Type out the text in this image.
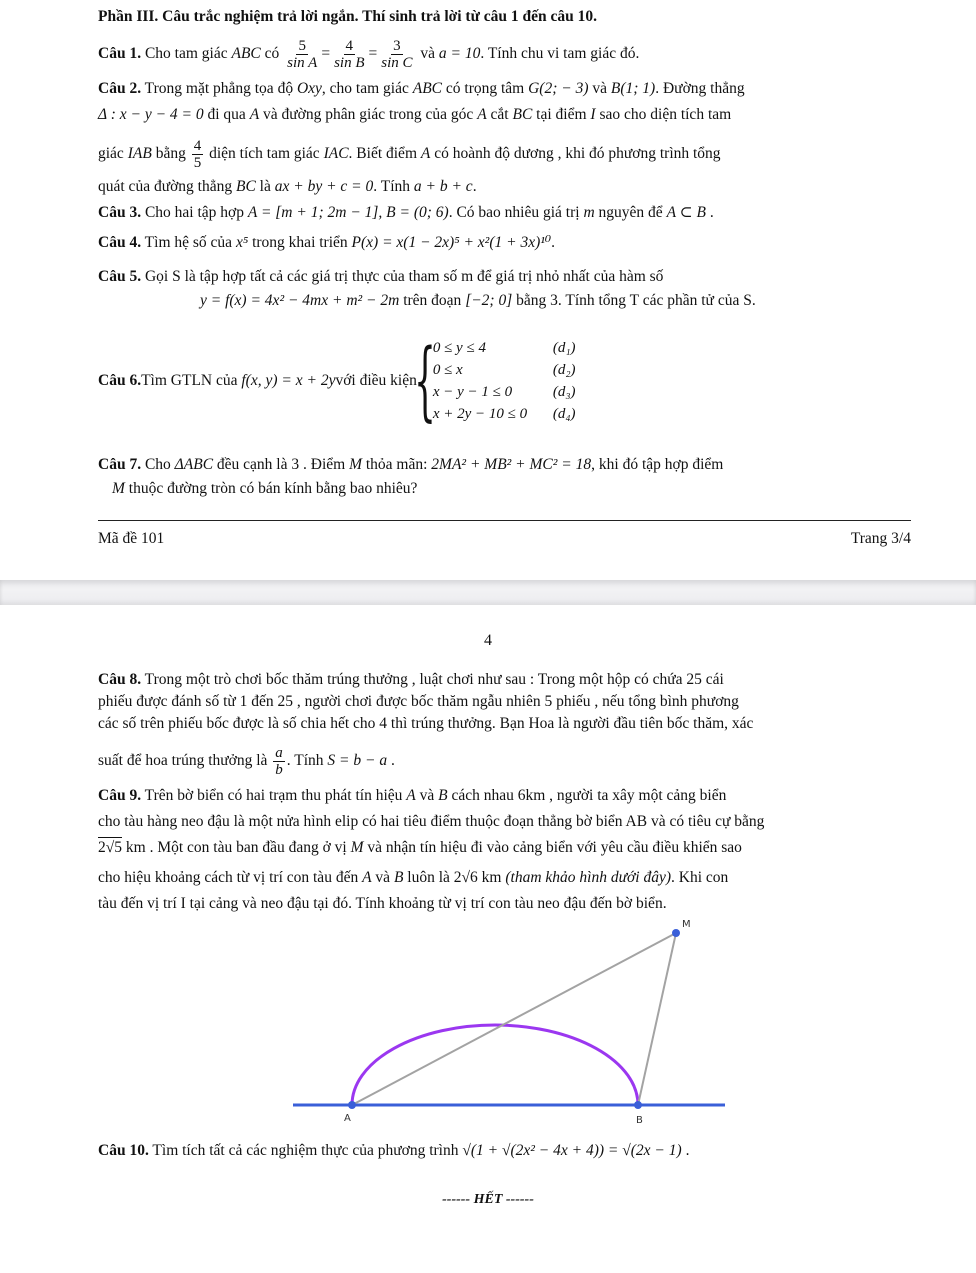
Phần III. Câu trắc nghiệm trả lời ngắn. Thí sinh trả lời từ câu 1 đến câu 10.
Câu 1. Cho tam giác ABC có $\frac{5}{\text{sin A}} = \frac{4}{\text{sin B}} = \frac{3}{\text{sin C}}$ và a = 10. Tính chu vi tam giác đó.
Câu 2. Trong mặt phẳng tọa độ Oxy, cho tam giác ABC có trọng tâm G(2; − 3) và B(1; 1). Đường thẳng
Δ : x − y − 4 = 0 đi qua A và đường phân giác trong của góc A cắt BC tại điểm I sao cho diện tích tam
giác IAB bằng $\frac{4}{5}$ diện tích tam giác IAC. Biết điểm A có hoành độ dương , khi đó phương trình tổng
quát của đường thẳng BC là ax + by + c = 0. Tính a + b + c.
Câu 3. Cho hai tập hợp A = [m + 1; 2m − 1], B = (0; 6). Có bao nhiêu giá trị m nguyên để A ⊂ B .
Câu 4. Tìm hệ số của x⁵ trong khai triển P(x) = x(1 − 2x)⁵ + x²(1 + 3x)¹⁰.
Câu 5. Gọi S là tập hợp tất cả các giá trị thực của tham số m để giá trị nhỏ nhất của hàm số
y = f(x) = 4x² − 4mx + m² − 2m trên đoạn [−2; 0] bằng 3. Tính tổng T các phần tử của S.
Câu 6. Tìm GTLN của
f(x, y) = x + 2y với điều kiện
{
0 ≤ y ≤ 4	(d₁)
0 ≤ x	(d₂)
x − y − 1 ≤ 0	(d₃)
x + 2y − 10 ≤ 0	(d₄)
Câu 7. Cho ΔABC đều cạnh là 3 . Điểm M thỏa mãn: 2MA² + MB² + MC² = 18, khi đó tập hợp điểm
M thuộc đường tròn có bán kính bằng bao nhiêu?
Mã đề 101	Trang 3/4
4
Câu 8. Trong một trò chơi bốc thăm trúng thưởng , luật chơi như sau : Trong một hộp có chứa 25 cái
phiếu được đánh số từ 1 đến 25 , người chơi được bốc thăm ngẫu nhiên 5 phiếu , nếu tổng bình phương
các số trên phiếu bốc được là số chia hết cho 4 thì trúng thưởng. Bạn Hoa là người đầu tiên bốc thăm, xác
suất để hoa trúng thưởng là $\frac{a}{b}$ . Tính S = b − a .
Câu 9. Trên bờ biển có hai trạm thu phát tín hiệu A và B cách nhau 6km , người ta xây một cảng biển
cho tàu hàng neo đậu là một nửa hình elip có hai tiêu điểm thuộc đoạn thẳng bờ biển AB và có tiêu cự bằng
2√5 km . Một con tàu ban đầu đang ở vị M và nhận tín hiệu đi vào cảng biển với yêu cầu điều khiển sao
cho hiệu khoảng cách từ vị trí con tàu đến A và B luôn là 2√6 km (tham khảo hình dưới đây). Khi con
tàu đến vị trí I tại cảng và neo đậu tại đó. Tính khoảng từ vị trí con tàu neo đậu đến bờ biển.
M
A	B
Câu 10. Tìm tích tất cả các nghiệm thực của phương trình √(1 + √(2x² − 4x + 4)) = √(2x − 1) .
------ HẾT ------
